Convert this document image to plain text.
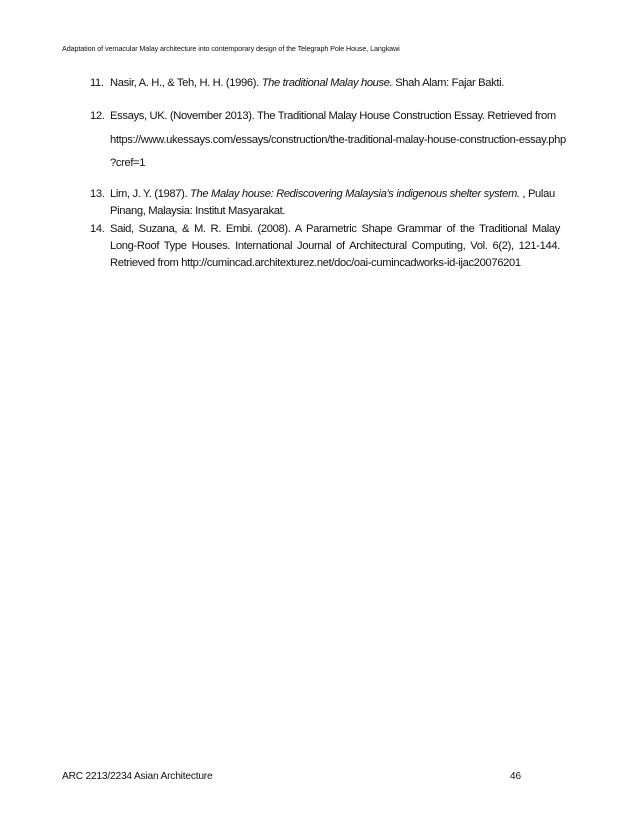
Adaptation of vernacular Malay architecture into contemporary design of the Telegraph Pole House, Langkawi
11. Nasir, A. H., & Teh, H. H. (1996). The traditional Malay house. Shah Alam: Fajar Bakti.
12. Essays, UK. (November 2013). The Traditional Malay House Construction Essay. Retrieved from
https://www.ukessays.com/essays/construction/the-traditional-malay-house-construction-essay.php
?cref=1
13. Lim, J. Y. (1987). The Malay house: Rediscovering Malaysia's indigenous shelter system. , Pulau
Pinang, Malaysia: Institut Masyarakat.
14. Said, Suzana, & M. R. Embi. (2008). A Parametric Shape Grammar of the Traditional Malay
Long-Roof Type Houses. International Journal of Architectural Computing, Vol. 6(2), 121-144.
Retrieved from http://cumincad.architexturez.net/doc/oai-cumincadworks-id-ijac20076201
ARC 2213/2234 Asian Architecture	46
